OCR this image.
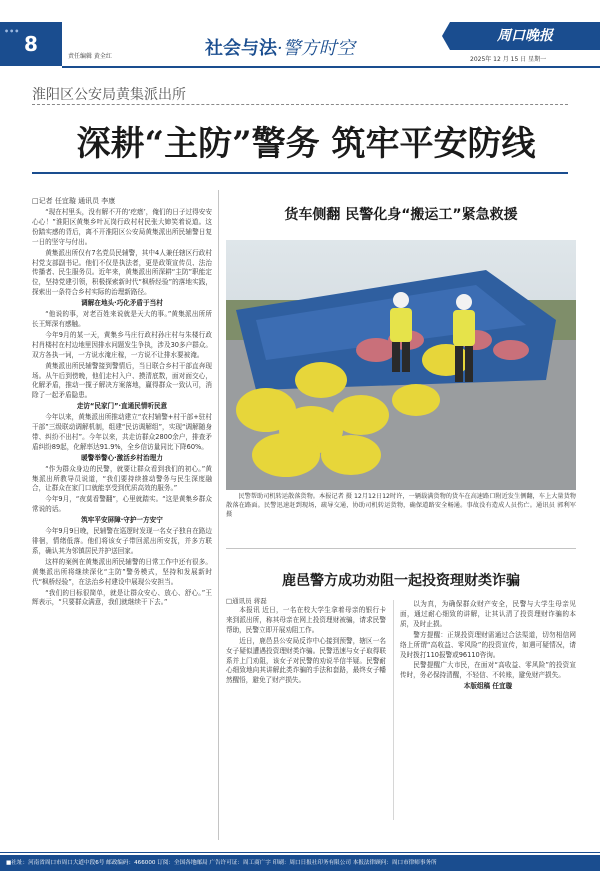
•••
8
责任编辑 黄全红	社会与法·警方时空
周口晚报
2025年 12 月 15 日 星期一
淮阳区公安局黄集派出所
深耕“主防”警务 筑牢平安防线
□记者 任宜璇 通讯员 李康

“现在村里头，没有解不开的‘疙瘩’，俺们的日子过得安安心心！”淮阳区黄集乡叶瓦岗行政村村民张大婶笑着说道。这份踏实感的背后，离不开淮阳区公安局黄集派出所民辅警日复一日的坚守与付出。

黄集派出所仅有7名党员民辅警，其中4人兼任辖区行政村村党支部副书记。他们不仅是执法者，更是政策宣传员、法治传播者、民生服务员。近年来，黄集派出所深耕“主防”职能定位，坚持党建引领，积极探索新时代“枫桥经验”的落地实践，探索出一条符合乡村实际的治理新路径。

调解在地头·巧化矛盾于当村

“他说的事，对老百姓来说就是天大的事。”黄集派出所所长王辉深有感触。

今年9月的某一天，黄集乡马庄行政村孙庄村与朱楼行政村肖楼村在村边地里因排水问题发生争执，涉及30多户群众。双方各执一词，一方说水淹庄稼，一方说不让排水要被淹。

黄集派出所民辅警接到警情后，当日联合乡村干部直奔现场。从午后到傍晚，他们走村入户、摸清底数，面对面交心，化解矛盾，推动一揽子解决方案落地，赢得群众一致认可，消除了一起矛盾隐患。

走访“民家门”·直通民情听民意

今年以来，黄集派出所推动建立“农村辅警+村干部+驻村干部”三级联动调解机制，组建“民访调解组”，实现“调解随身带、纠纷不出村”。今年以来，共走访群众2800余户，排查矛盾纠纷89起，化解率达91.9%，全乡信访量同比下降60%。

暖警举警心·激活乡村治理力

“作为群众身边的民警，就要让群众看到我们的初心。”黄集派出所教导员说道，“我们要持续推动警务与民生深度融合，让群众在家门口就能享受到优质高效的服务。”

今年9月，“夜莫看警翻”，心里就踏实。“这是黄集乡群众常说的话。

筑牢平安屏障·守护一方安宁

今年9月9日晚，民辅警在巡逻时发现一名女子独自在路边徘徊，情绪低落。他们将该女子带回派出所安抚，并多方联系，确认其为邻镇居民并护送回家。

这样的案例在黄集派出所民辅警的日常工作中还有很多。黄集派出所将继续深化“主防”警务模式，坚持和发展新时代“枫桥经验”，在法治乡村建设中展现公安担当。

“我们的目标很简单，就是让群众安心、放心、舒心。”王辉表示，“只要群众满意，我们就继续干下去。”

货车侧翻 民警化身“搬运工”紧急救援
民警帮助司机转运散落货物。本报记者 摄 12月12日12时许，一辆载满货物的货车在高速路口附近发生侧翻，车上大量货物散落在路面。民警迅速赶到现场，疏导交通，协助司机转运货物，确保道路安全畅通。事故没有造成人员伤亡。通讯员 郭利军 摄
鹿邑警方成功劝阻一起投资理财类诈骗
□通讯员 蒋磊

本报讯 近日，一名在校大学生拿着母亲的银行卡来到派出所，称其母亲在网上投资理财被骗，请求民警帮助，民警立即开展劝阻工作。

近日，鹿邑县公安局反诈中心接到预警，辖区一名女子疑似遭遇投资理财类诈骗。民警迅速与女子取得联系并上门劝阻，该女子对民警的劝说半信半疑。民警耐心细致地向其讲解此类诈骗的手法和套路，最终女子幡然醒悟，避免了财产损失。

以为真，为确保群众财产安全，民警与大学生母亲见面，通过耐心细致的讲解，让其认清了投资理财诈骗的本质，及时止损。

警方提醒：正规投资理财需通过合法渠道，切勿相信网络上所谓“高收益、零风险”的投资宣传，如遇可疑情况，请及时拨打110报警或96110咨询。

民警提醒广大市民，在面对“高收益、零风险”的投资宣传时，务必保持清醒，不轻信、不转账，避免财产损失。

本版组稿 任宜璇

■社址：河南省周口市周口大道中段6号 邮政编码：466000 订阅：全国各地邮局 广告许可证：周工商广字 印刷：周口日报社印务有限公司 本报法律顾问：周口市律师事务所
